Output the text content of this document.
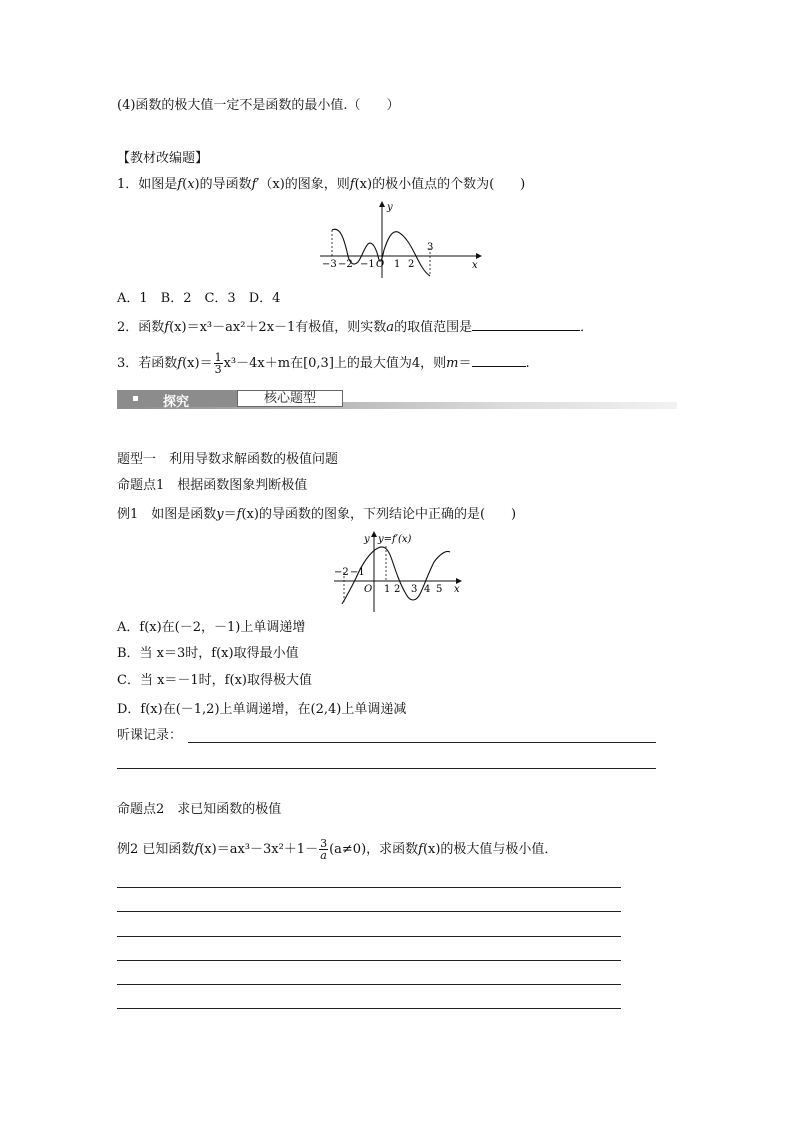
(4)函数的极大值一定不是函数的最小值.（　　）
【教材改编题】
1．如图是f(x)的导函数f′（x)的图象，则f(x)的极小值点的个数为(　　)
y
x
O
−3 −2 −1 1 2
3
A．1　B．2　C．3　D．4
2．函数f(x)＝x³－ax²＋2x－1有极值，则实数a的取值范围是	．
3．若函数$f(x)= \frac{1}{3} x^3-4x+m$在[0,3]上的最大值为4，则m＝	.
探究	核心题型
题型一　利用导数求解函数的极值问题
命题点1　根据函数图象判断极值
例1　如图是函数y＝f(x)的导函数的图象，下列结论中正确的是(　　)
y y=f′(x)
x
O
−2 −1
1 2 3 4 5
A．f(x)在(－2，－1)上单调递增
B．当 x＝3时，f(x)取得最小值
C．当 x＝－1时，f(x)取得极大值
D．f(x)在(－1,2)上单调递增，在(2,4)上单调递减
听课记录：
命题点2　求已知函数的极值
例2 已知函数$f(x)=ax^3-3x^2+1- \frac{3}{a} (a\ne 0)$，求函数f(x)的极大值与极小值．
